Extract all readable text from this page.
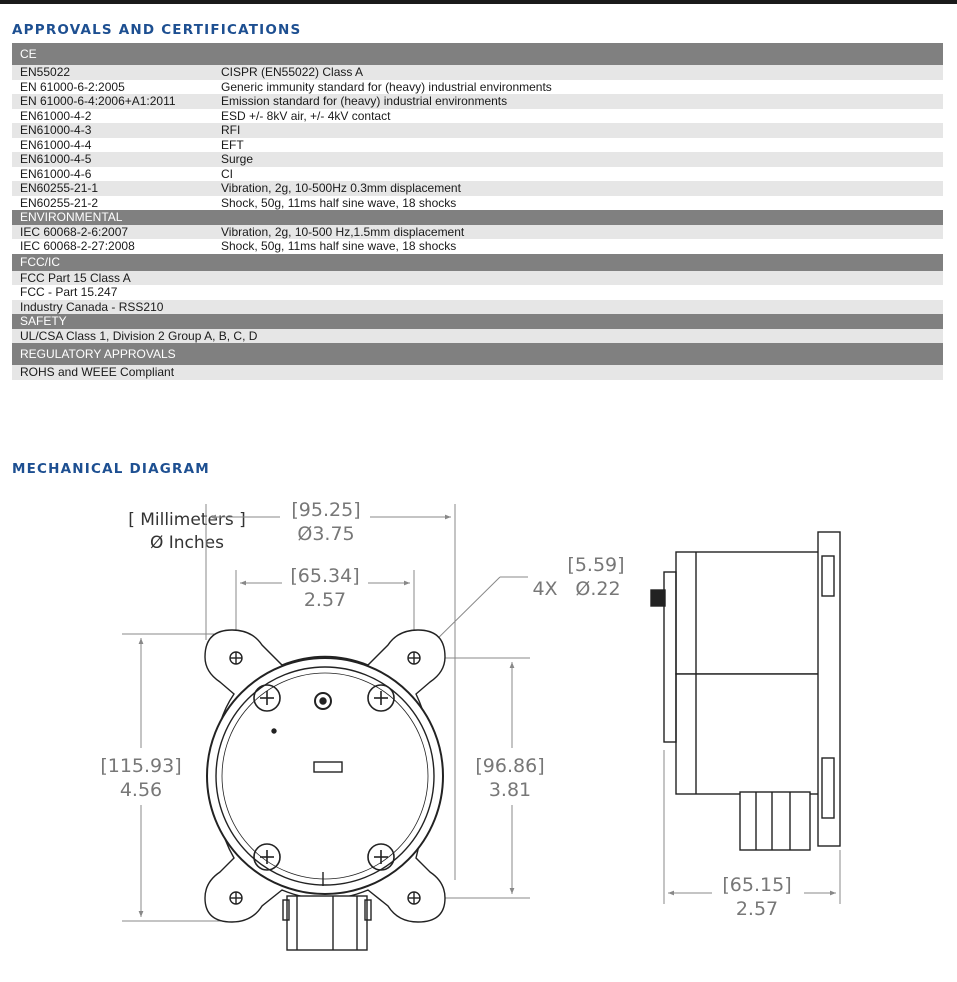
APPROVALS AND CERTIFICATIONS
CE
EN55022	CISPR (EN55022) Class A
EN 61000-6-2:2005	Generic immunity standard for (heavy) industrial environments
EN 61000-6-4:2006+A1:2011	Emission standard for (heavy) industrial environments
EN61000-4-2	ESD +/- 8kV air, +/- 4kV contact
EN61000-4-3	RFI
EN61000-4-4	EFT
EN61000-4-5	Surge
EN61000-4-6	CI
EN60255-21-1	Vibration, 2g, 10-500Hz 0.3mm displacement
EN60255-21-2	Shock, 50g, 11ms half sine wave, 18 shocks
ENVIRONMENTAL
IEC 60068-2-6:2007	Vibration, 2g, 10-500 Hz,1.5mm displacement
IEC 60068-2-27:2008	Shock, 50g, 11ms half sine wave, 18 shocks
FCC/IC
FCC Part 15 Class A
FCC - Part 15.247
Industry Canada - RSS210
SAFETY
UL/CSA Class 1, Division 2 Group A, B, C, D
REGULATORY APPROVALS
ROHS and WEEE Compliant
MECHANICAL DIAGRAM
[ Millimeters ]
Ø Inches
[95.25]
Ø3.75
[65.34]
2.57	4X
[5.59]
Ø.22
[115.93]
4.56
[96.86]
3.81
[65.15]
2.57
